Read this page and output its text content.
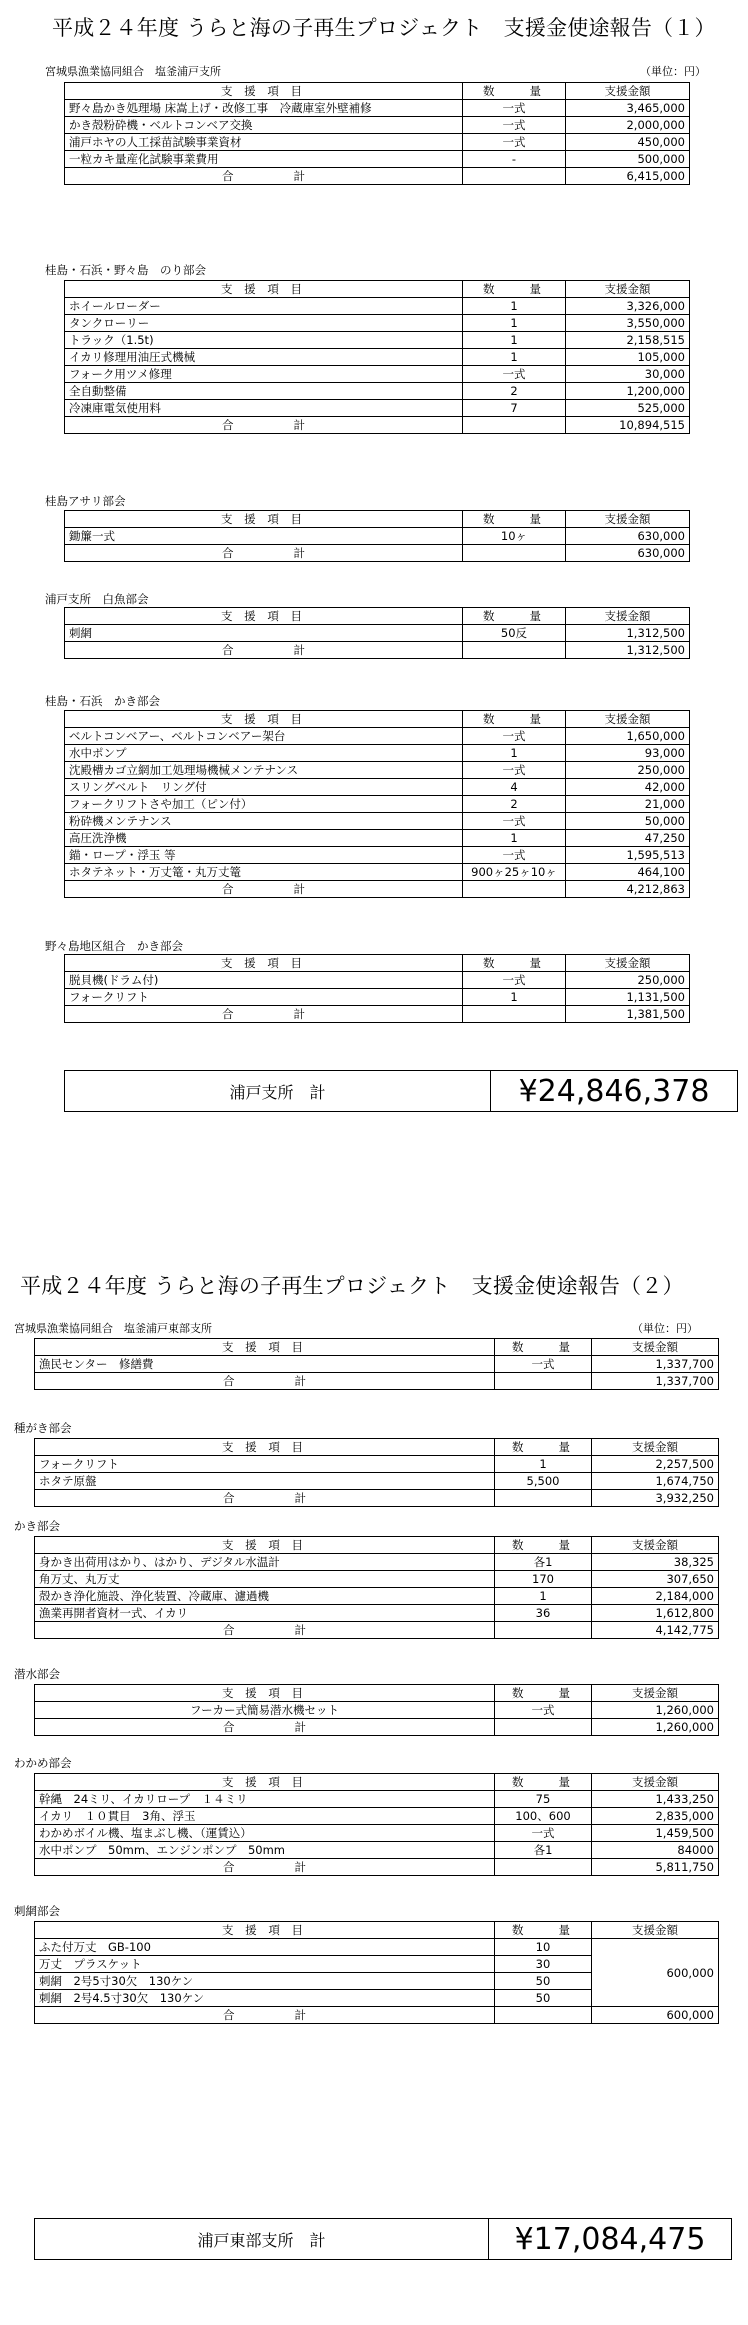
平成２４年度 うらと海の子再生プロジェクト　支援金使途報告（１）
宮城県漁業協同組合　塩釜浦戸支所	（単位：円）
支 援 項 目	数　　量	支援金額
野々島かき処理場 床嵩上げ・改修工事　冷蔵庫室外壁補修	一式	3,465,000
かき殻粉砕機・ベルトコンベア交換	一式	2,000,000
浦戸ホヤの人工採苗試験事業資材	一式	450,000
一粒カキ量産化試験事業費用	-	500,000
合 計		6,415,000
桂島・石浜・野々島　のり部会
支 援 項 目	数　　量	支援金額
ホイールローダー	1	3,326,000
タンクローリー	1	3,550,000
トラック（1.5t)	1	2,158,515
イカリ修理用油圧式機械	1	105,000
フォーク用ツメ修理	一式	30,000
全自動整備	2	1,200,000
冷凍庫電気使用料	7	525,000
合 計		10,894,515
桂島アサリ部会
支 援 項 目	数　　量	支援金額
鋤簾一式	10ヶ	630,000
合 計		630,000
浦戸支所　白魚部会
支 援 項 目	数　　量	支援金額
刺網	50反	1,312,500
合 計		1,312,500
桂島・石浜　かき部会
支 援 項 目	数　　量	支援金額
ベルトコンベアー、ベルトコンベアー架台	一式	1,650,000
水中ポンプ	1	93,000
沈殿槽カゴ立網加工処理場機械メンテナンス	一式	250,000
スリングベルト　リング付	4	42,000
フォークリフトさや加工（ピン付）	2	21,000
粉砕機メンテナンス	一式	50,000
高圧洗浄機	1	47,250
錨・ロープ・浮玉 等	一式	1,595,513
ホタテネット・万丈篭・丸万丈篭	900ヶ25ヶ10ヶ	464,100
合 計		4,212,863
野々島地区組合　かき部会
支 援 項 目	数　　量	支援金額
脱貝機(ドラム付)	一式	250,000
フォークリフト	1	1,131,500
合 計		1,381,500
浦戸支所　計	¥24,846,378
平成２４年度 うらと海の子再生プロジェクト　支援金使途報告（２）
宮城県漁業協同組合　塩釜浦戸東部支所	（単位：円）
支 援 項 目	数　　量	支援金額
漁民センター　修繕費	一式	1,337,700
合 計		1,337,700
種がき部会
支 援 項 目	数　　量	支援金額
フォークリフト	1	2,257,500
ホタテ原盤	5,500	1,674,750
合 計		3,932,250
かき部会
支 援 項 目	数　　量	支援金額
身かき出荷用はかり、はかり、デジタル水温計	各1	38,325
角万丈、丸万丈	170	307,650
殻かき浄化施設、浄化装置、冷蔵庫、濾過機	1	2,184,000
漁業再開者資材一式、イカリ	36	1,612,800
合 計		4,142,775
潜水部会
支 援 項 目	数　　量	支援金額
フーカー式簡易潜水機セット	一式	1,260,000
合 計		1,260,000
わかめ部会
支 援 項 目	数　　量	支援金額
幹縄　24ミリ、イカリロープ　１４ミリ	75	1,433,250
イカリ　１０貫目　3角、浮玉	100、600	2,835,000
わかめボイル機、塩まぶし機、（運賃込）	一式	1,459,500
水中ポンプ　50mm、エンジンポンプ　50mm	各1	84000
合 計		5,811,750
刺網部会
支 援 項 目	数　　量	支援金額
ふた付万丈　GB-100	10	600,000
万丈　プラスケット	30	
刺網　2号5寸30欠　130ケン	50	
刺網　2号4.5寸30欠　130ケン	50	
合 計		600,000
浦戸東部支所　計	¥17,084,475
